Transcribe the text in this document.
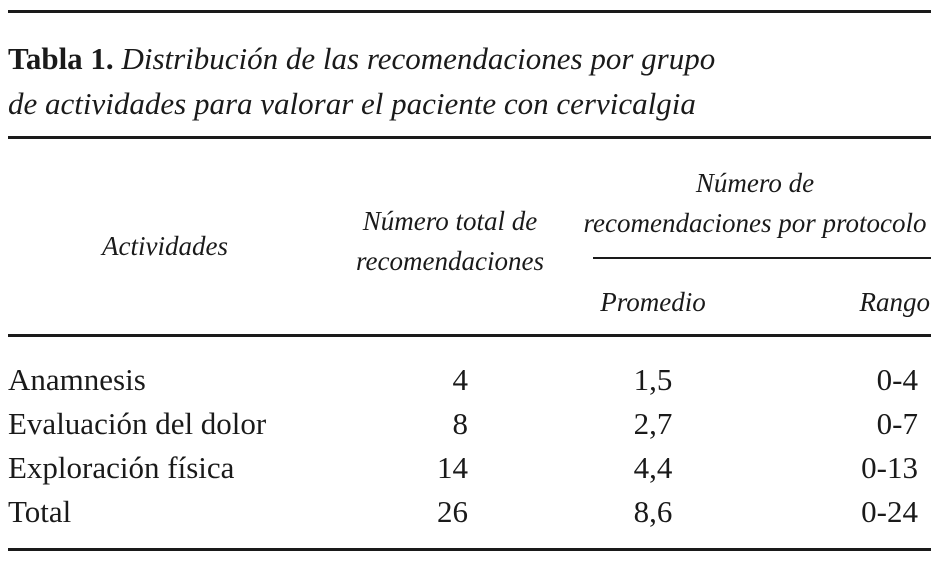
Tabla 1. Distribución de las recomendaciones por grupo
de actividades para valorar el paciente con cervicalgia
Actividades
Número total de
recomendaciones
Número de
recomendaciones por protocolo
Promedio	Rango
Anamnesis	4	1,5	0-4
Evaluación del dolor	8	2,7	0-7
Exploración física	14	4,4	0-13
Total	26	8,6	0-24
